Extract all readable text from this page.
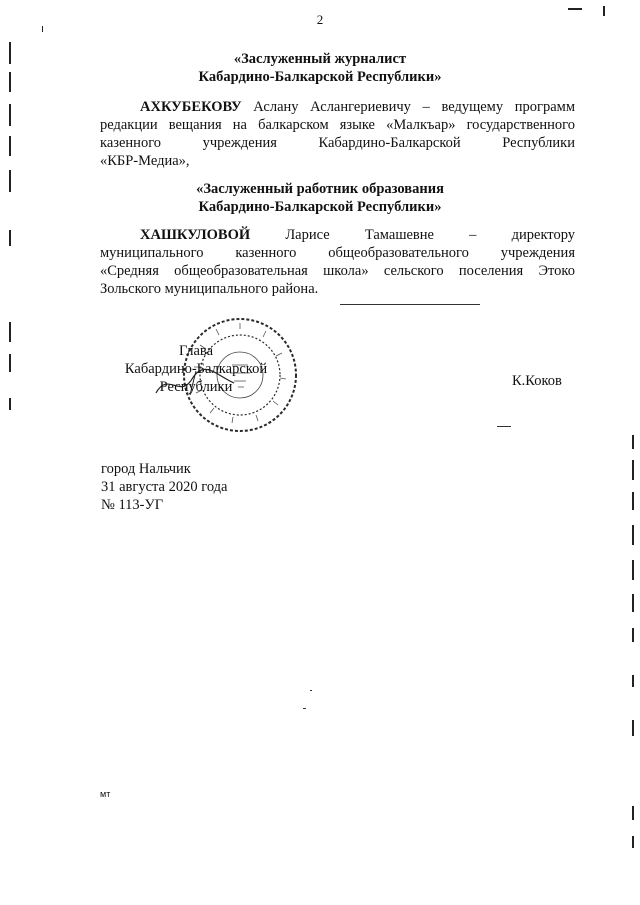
2
«Заслуженный журналист
Кабардино-Балкарской Республики»
АХКУБЕКОВУ Аслану Аслангериевичу – ведущему программ
редакции вещания на балкарском языке «Малкъар» государственного
казенного учреждения Кабардино-Балкарской Республики
«КБР-Медиа»,
«Заслуженный работник образования
Кабардино-Балкарской Республики»
ХАШКУЛОВОЙ Ларисе Тамашевне – директору
муниципального казенного общеобразовательного учреждения
«Средняя общеобразовательная школа» сельского поселения Этоко
Зольского муниципального района.
Глава
Кабардино-Балкарской
Республики	К.Коков
город Нальчик
31 августа 2020 года
№ 113-УГ
мт
